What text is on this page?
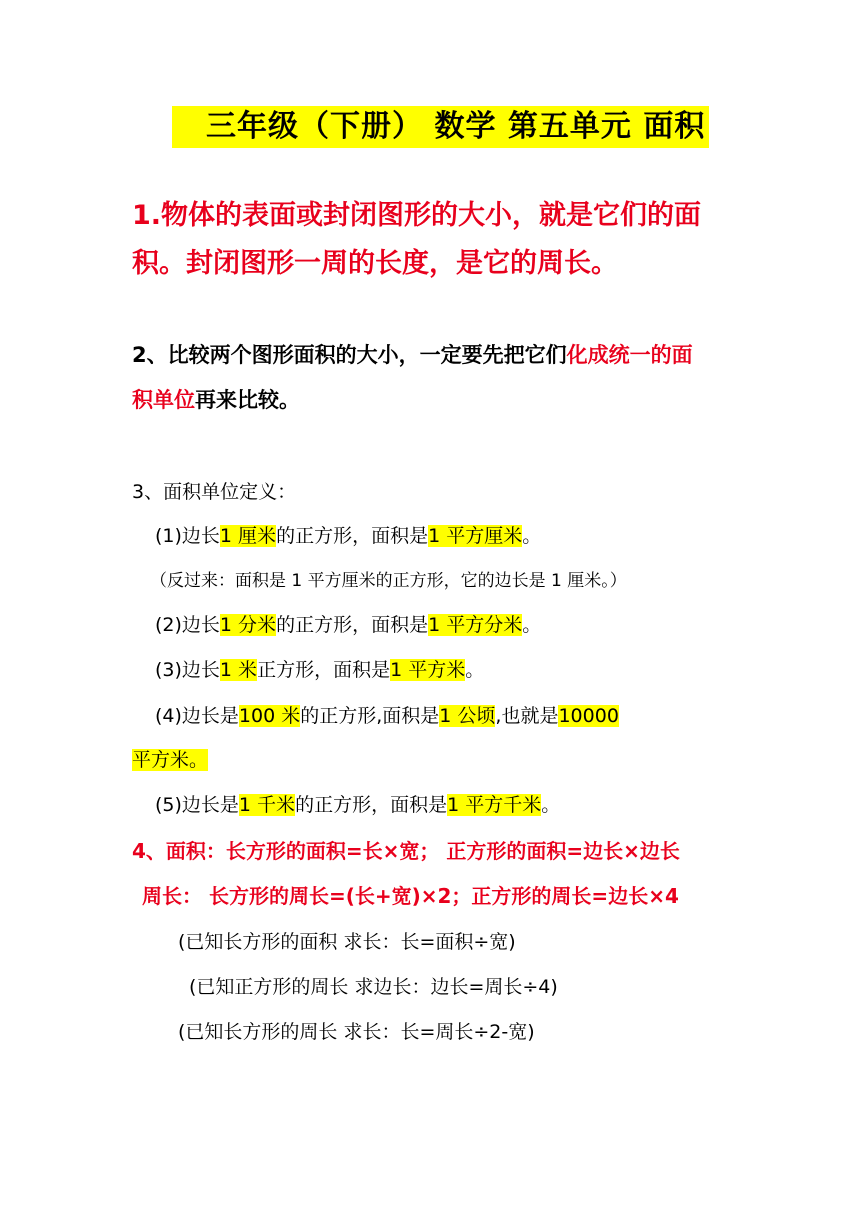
三年级（下册） 数学 第五单元 面积
1.物体的表面或封闭图形的大小，就是它们的面
积。封闭图形一周的长度，是它的周长。
2、比较两个图形面积的大小，一定要先把它们化成统一的面
积单位再来比较。
3、面积单位定义：
(1)边长1 厘米的正方形，面积是1 平方厘米。
（反过来：面积是 1 平方厘米的正方形，它的边长是 1 厘米。）
(2)边长1 分米的正方形，面积是1 平方分米。
(3)边长1 米正方形，面积是1 平方米。
(4)边长是100 米的正方形,面积是1 公顷,也就是10000
平方米。
(5)边长是1 千米的正方形，面积是1 平方千米。
4、面积：长方形的面积=长×宽； 正方形的面积=边长×边长
周长： 长方形的周长=(长+宽)×2；正方形的周长=边长×4
(已知长方形的面积 求长：长=面积÷宽)
(已知正方形的周长 求边长：边长=周长÷4)
(已知长方形的周长 求长：长=周长÷2-宽)
